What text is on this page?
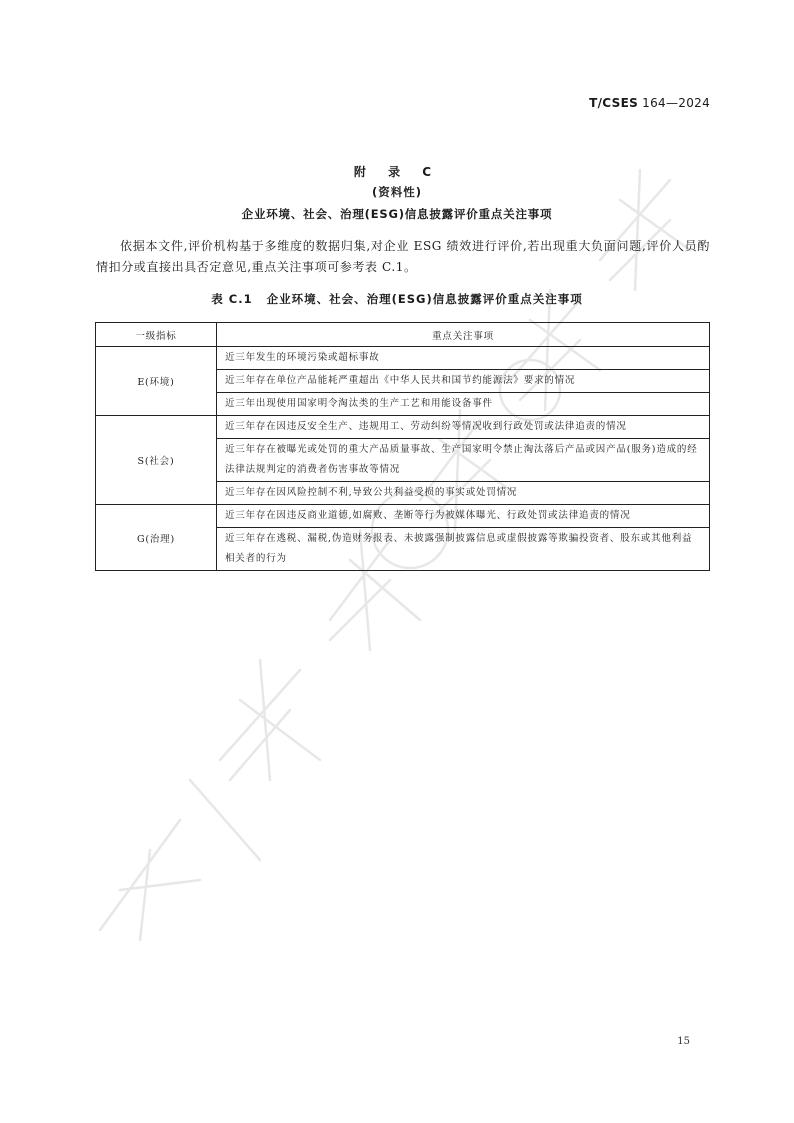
T/CSES 164—2024
附 录 C
(资料性)
企业环境、社会、治理(ESG)信息披露评价重点关注事项

依据本文件,评价机构基于多维度的数据归集,对企业 ESG 绩效进行评价,若出现重大负面问题,评价人员酌情扣分或直接出具否定意见,重点关注事项可参考表 C.1。

表 C.1 企业环境、社会、治理(ESG)信息披露评价重点关注事项
一级指标	重点关注事项
E(环境)	近三年发生的环境污染或超标事故
	近三年存在单位产品能耗严重超出《中华人民共和国节约能源法》要求的情况
	近三年出现使用国家明令淘汰类的生产工艺和用能设备事件
S(社会)	近三年存在因违反安全生产、违规用工、劳动纠纷等情况收到行政处罚或法律追责的情况
	近三年存在被曝光或处罚的重大产品质量事故、生产国家明令禁止淘汰落后产品或因产品(服务)造成的经法律法规判定的消费者伤害事故等情况
	近三年存在因风险控制不利,导致公共利益受损的事实或处罚情况
G(治理)	近三年存在因违反商业道德,如腐败、垄断等行为被媒体曝光、行政处罚或法律追责的情况
	近三年存在逃税、漏税,伪造财务报表、未披露强制披露信息或虚假披露等欺骗投资者、股东或其他利益相关者的行为
15
